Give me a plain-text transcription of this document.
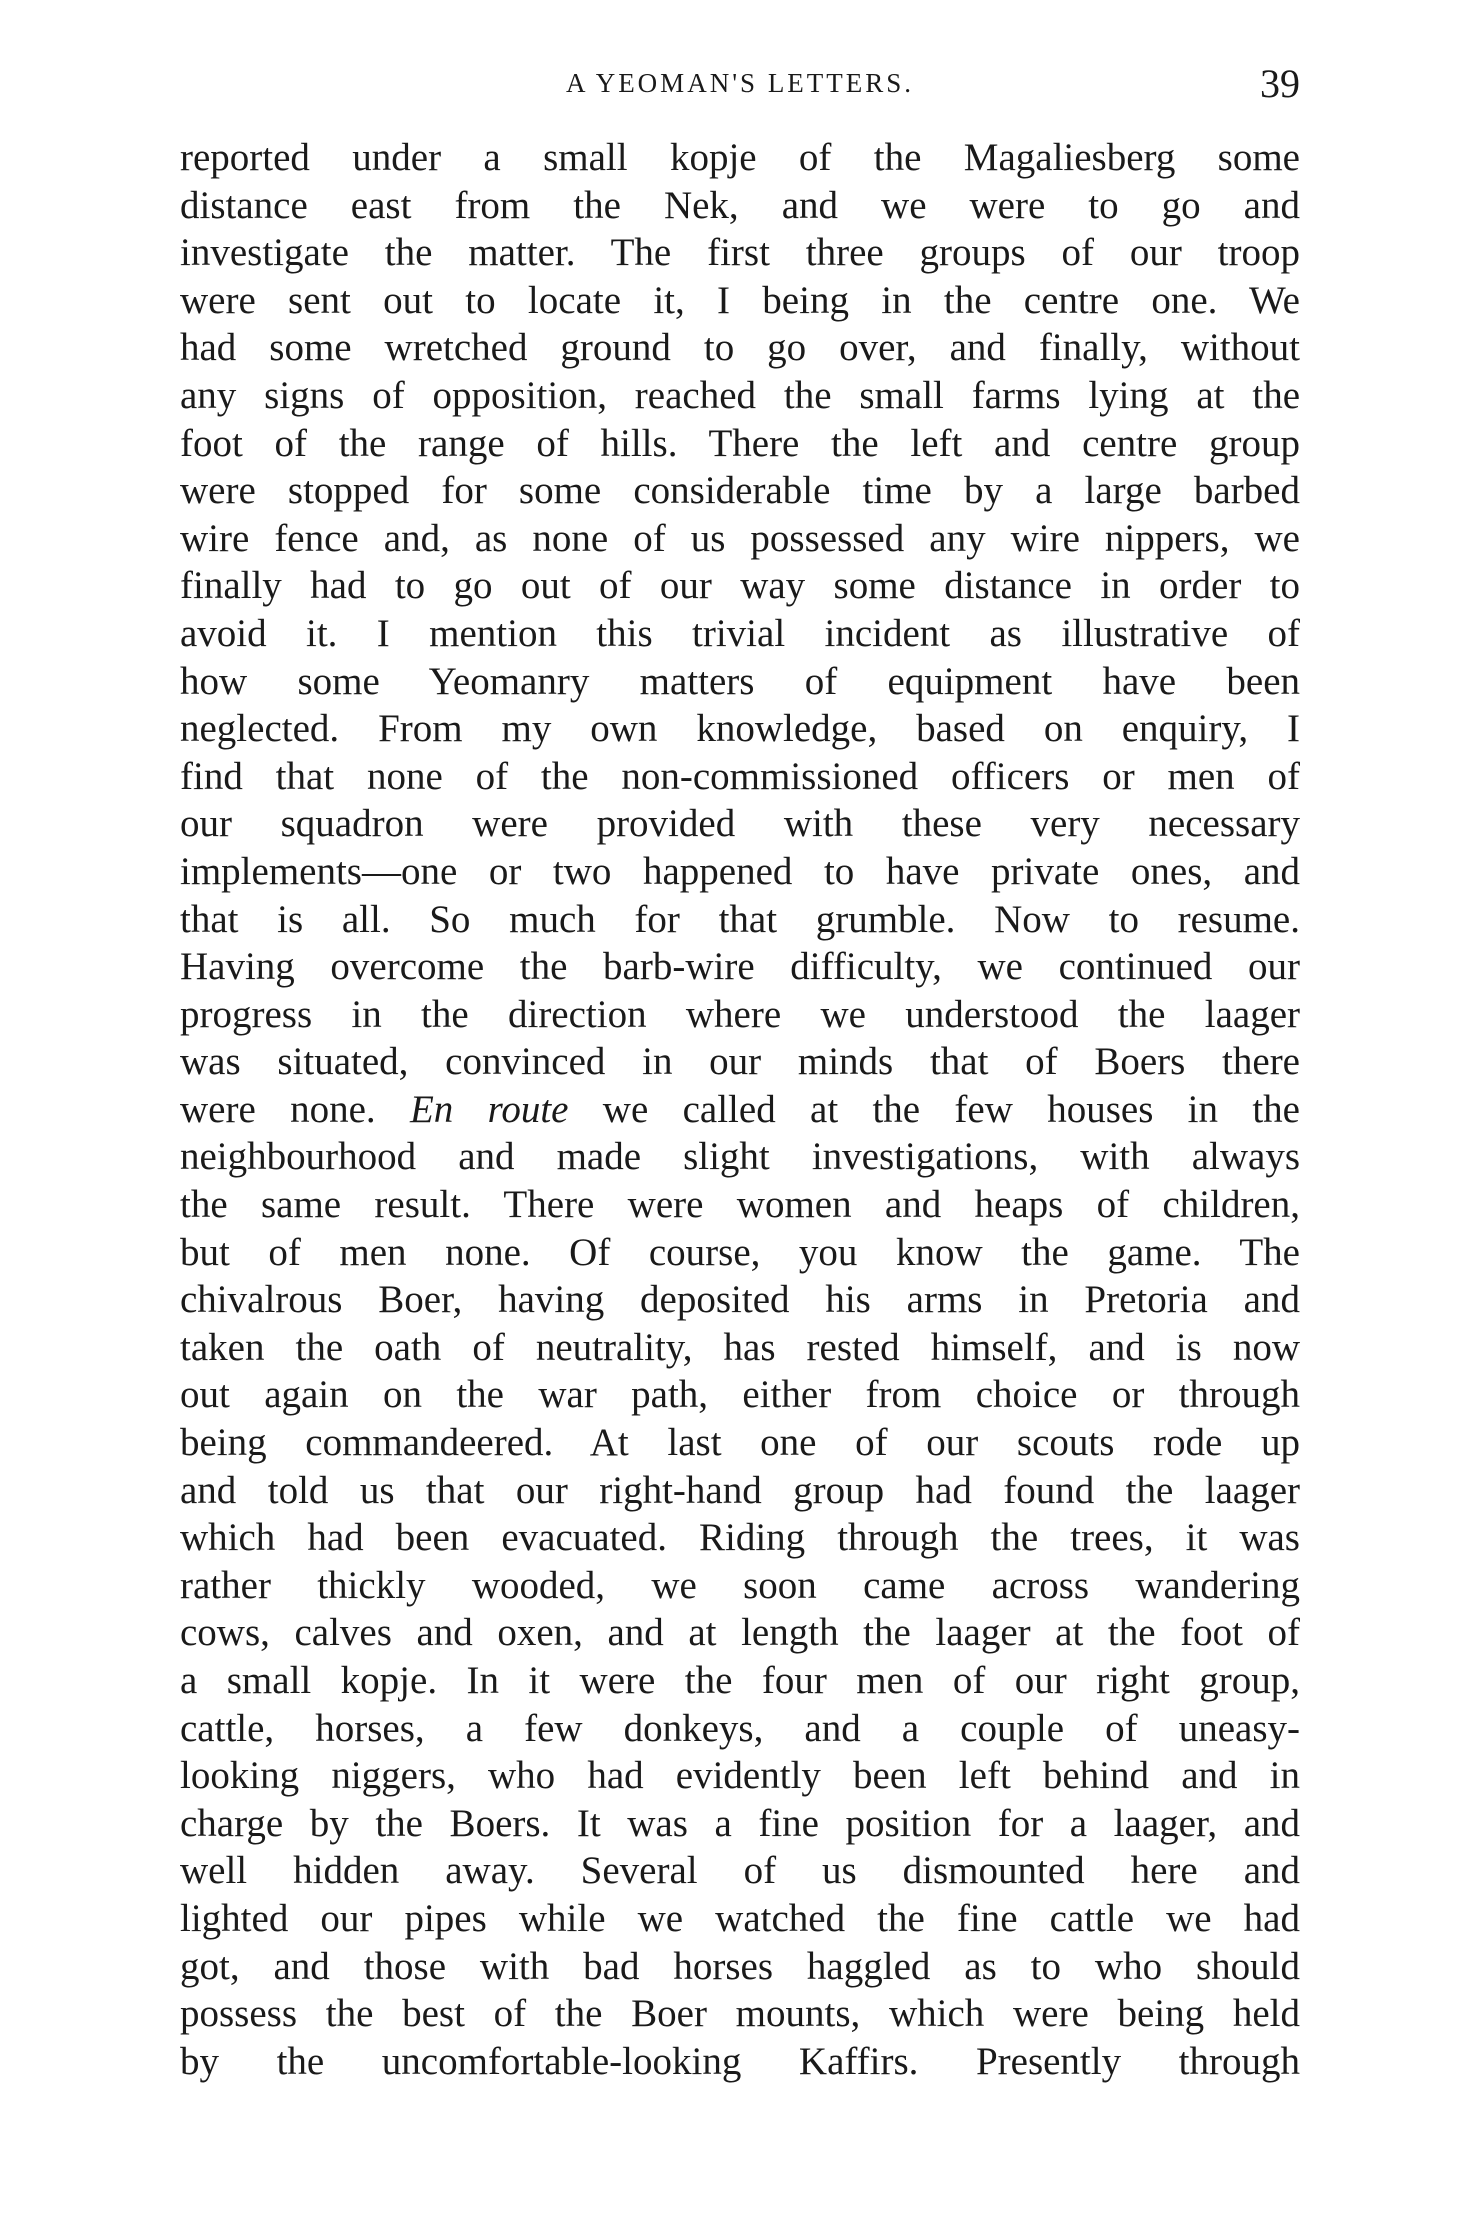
A YEOMAN'S LETTERS.	39
reported under a small kopje of the Magaliesberg some
distance east from the Nek, and we were to go and
investigate the matter. The first three groups of our troop
were sent out to locate it, I being in the centre one. We
had some wretched ground to go over, and finally, without
any signs of opposition, reached the small farms lying at the
foot of the range of hills. There the left and centre group
were stopped for some considerable time by a large barbed
wire fence and, as none of us possessed any wire nippers, we
finally had to go out of our way some distance in order to
avoid it. I mention this trivial incident as illustrative of
how some Yeomanry matters of equipment have been
neglected. From my own knowledge, based on enquiry, I
find that none of the non-commissioned officers or men of
our squadron were provided with these very necessary
implements—one or two happened to have private ones, and
that is all. So much for that grumble. Now to resume.
Having overcome the barb-wire difficulty, we continued our
progress in the direction where we understood the laager
was situated, convinced in our minds that of Boers there
were none. En route we called at the few houses in the
neighbourhood and made slight investigations, with always
the same result. There were women and heaps of children,
but of men none. Of course, you know the game. The
chivalrous Boer, having deposited his arms in Pretoria and
taken the oath of neutrality, has rested himself, and is now
out again on the war path, either from choice or through
being commandeered. At last one of our scouts rode up
and told us that our right-hand group had found the laager
which had been evacuated. Riding through the trees, it was
rather thickly wooded, we soon came across wandering
cows, calves and oxen, and at length the laager at the foot of
a small kopje. In it were the four men of our right group,
cattle, horses, a few donkeys, and a couple of uneasy-
looking niggers, who had evidently been left behind and in
charge by the Boers. It was a fine position for a laager, and
well hidden away. Several of us dismounted here and
lighted our pipes while we watched the fine cattle we had
got, and those with bad horses haggled as to who should
possess the best of the Boer mounts, which were being held
by the uncomfortable-looking Kaffirs. Presently through
